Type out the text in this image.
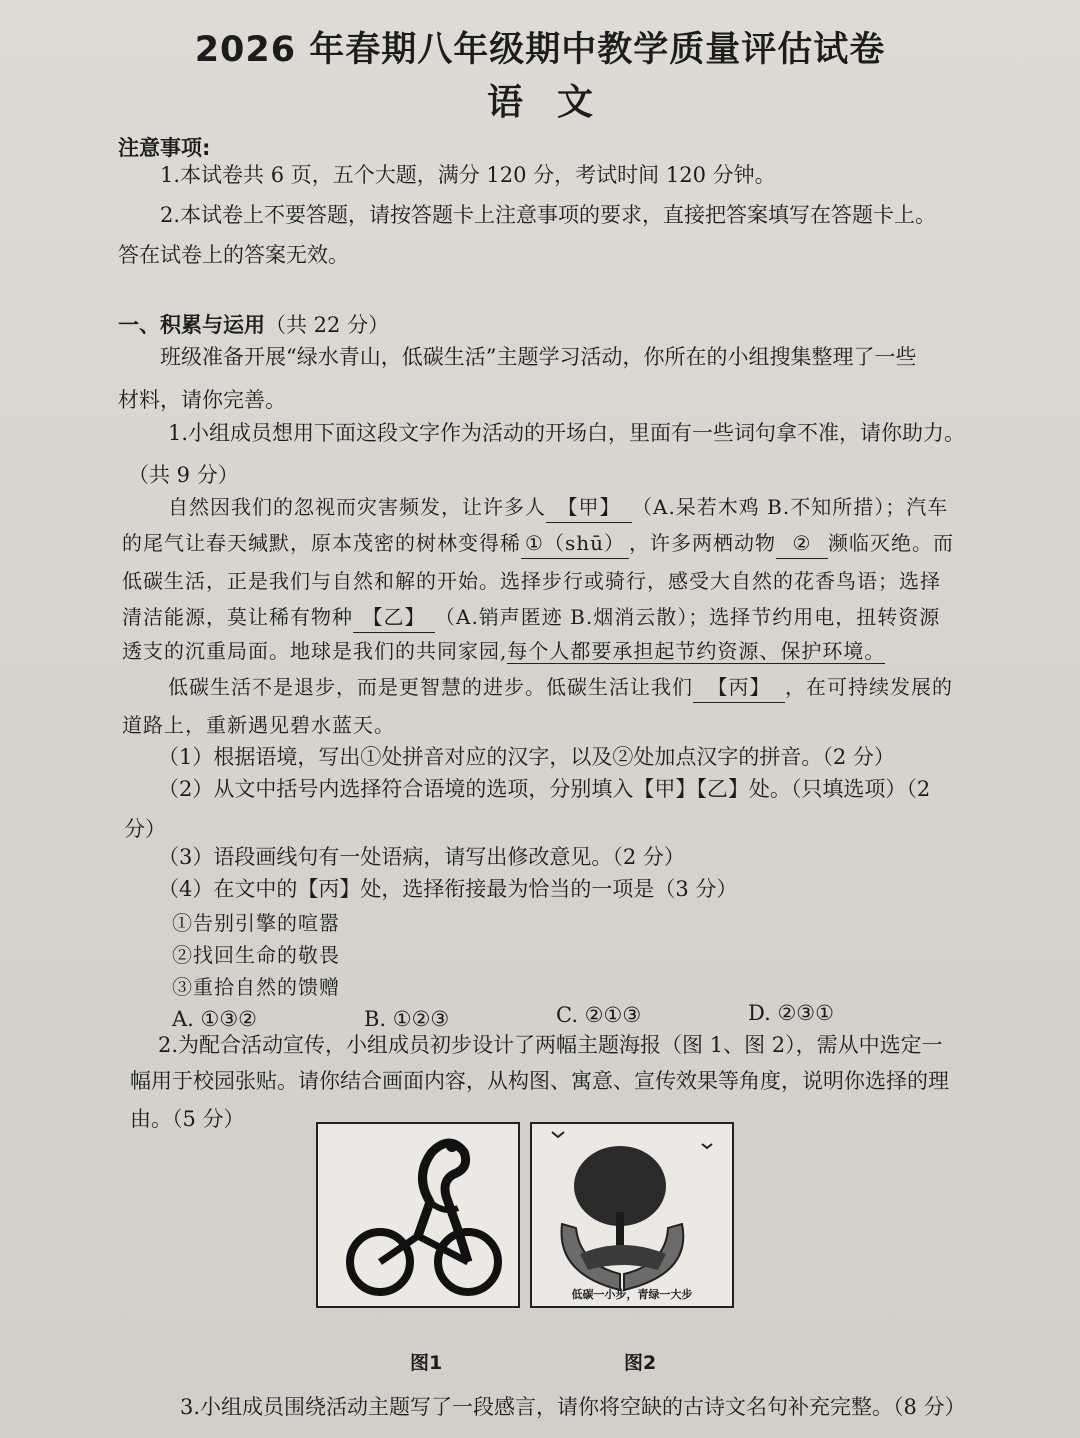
2026 年春期八年级期中教学质量评估试卷
语文
注意事项:
1.本试卷共 6 页，五个大题，满分 120 分，考试时间 120 分钟。
2.本试卷上不要答题，请按答题卡上注意事项的要求，直接把答案填写在答题卡上。
答在试卷上的答案无效。
一、积累与运用（共 22 分）
班级准备开展“绿水青山，低碳生活”主题学习活动，你所在的小组搜集整理了一些
材料，请你完善。
1.小组成员想用下面这段文字作为活动的开场白，里面有一些词句拿不准，请你助力。
（共 9 分）
自然因我们的忽视而灾害频发，让许多人 【甲】 （A.呆若木鸡 B.不知所措）；汽车
的尾气让春天缄默，原本茂密的树林变得稀 ①（shū） ，许多两栖动物 ② 濒临灭绝。而
低碳生活，正是我们与自然和解的开始。选择步行或骑行，感受大自然的花香鸟语；选择
清洁能源，莫让稀有物种 【乙】 （A.销声匿迹 B.烟消云散）；选择节约用电，扭转资源
透支的沉重局面。地球是我们的共同家园,每个人都要承担起节约资源、保护环境。
低碳生活不是退步，而是更智慧的进步。低碳生活让我们 【丙】 ，在可持续发展的
道路上，重新遇见碧水蓝天。
（1）根据语境，写出①处拼音对应的汉字，以及②处加点汉字的拼音。（2 分）
（2）从文中括号内选择符合语境的选项，分别填入【甲】【乙】处。（只填选项）（2
分）
（3）语段画线句有一处语病，请写出修改意见。（2 分）
（4）在文中的【丙】处，选择衔接最为恰当的一项是（3 分）
①告别引擎的喧嚣
②找回生命的敬畏
③重拾自然的馈赠
A. ①③②	B. ①②③	C. ②①③	D. ②③①
2.为配合活动宣传，小组成员初步设计了两幅主题海报（图 1、图 2），需从中选定一
幅用于校园张贴。请你结合画面内容，从构图、寓意、宣传效果等角度，说明你选择的理
由。（5 分）
图1
低碳一小步，青绿一大步
图2
3.小组成员围绕活动主题写了一段感言，请你将空缺的古诗文名句补充完整。（8 分）
